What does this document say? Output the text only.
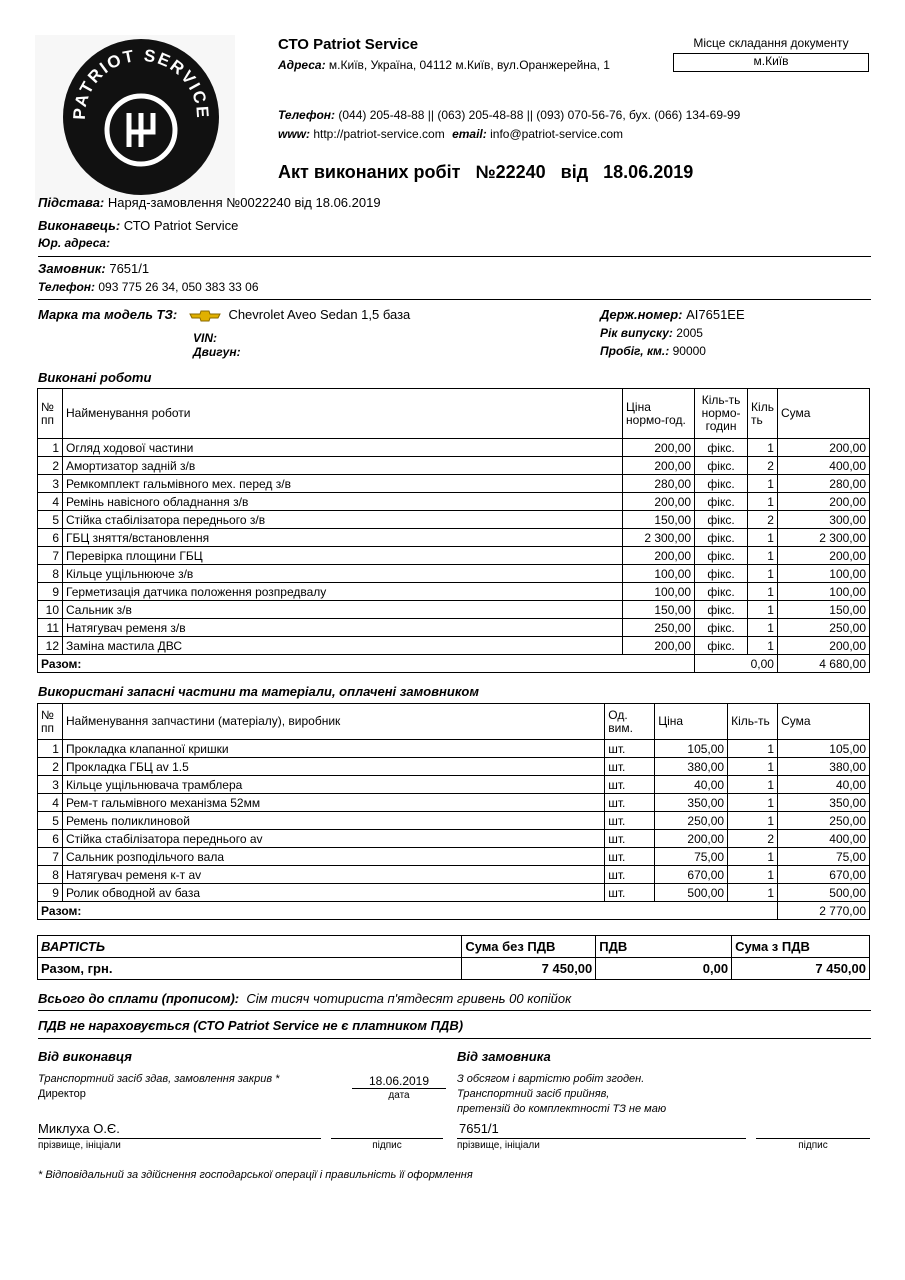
PATRIOT SERVICE
СТО Patriot Service
Адреса: м.Київ, Україна, 04112 м.Київ, вул.Оранжерейна, 1
Місце складання документу
м.Київ
Телефон: (044) 205-48-88 || (063) 205-48-88 || (093) 070-56-76, бух. (066) 134-69-99
www: http://patriot-service.com email: info@patriot-service.com
Акт виконаних робіт №22240 від 18.06.2019
Підстава: Наряд-замовлення №0022240 від 18.06.2019
Виконавець: СТО Patriot Service
Юр. адреса:
Замовник: 7651/1
Телефон: 093 775 26 34, 050 383 33 06
Марка та модель ТЗ:	Chevrolet Aveo Sedan 1,5 база
VIN:
Двигун:
Держ.номер: AI7651EE
Рік випуску: 2005
Пробіг, км.: 90000
Виконані роботи
№ пп	Найменування роботи	Ціна нормо-год.	Кіль-ть нормо-годин	Кіль ть	Сума
1	Огляд ходової частини	200,00	фікс.	1	200,00
2	Амортизатор задній з/в	200,00	фікс.	2	400,00
3	Ремкомплект гальмівного мех. перед з/в	280,00	фікс.	1	280,00
4	Ремінь навісного обладнання з/в	200,00	фікс.	1	200,00
5	Стійка стабілізатора переднього з/в	150,00	фікс.	2	300,00
6	ГБЦ зняття/встановлення	2 300,00	фікс.	1	2 300,00
7	Перевірка площини ГБЦ	200,00	фікс.	1	200,00
8	Кільце ущільнююче з/в	100,00	фікс.	1	100,00
9	Герметизація датчика положення розпредвалу	100,00	фікс.	1	100,00
10	Сальник з/в	150,00	фікс.	1	150,00
11	Натягувач ременя з/в	250,00	фікс.	1	250,00
12	Заміна мастила ДВС	200,00	фікс.	1	200,00
Разом:			0,00		4 680,00
Використані запасні частини та матеріали, оплачені замовником
№ пп	Найменування запчастини (матеріалу), виробник	Од. вим.	Ціна	Кіль-ть	Сума
1	Прокладка клапанної кришки	шт.	105,00	1	105,00
2	Прокладка ГБЦ av 1.5	шт.	380,00	1	380,00
3	Кільце ущільнювача трамблера	шт.	40,00	1	40,00
4	Рем-т гальмівного механізма 52мм	шт.	350,00	1	350,00
5	Ремень поликлиновой	шт.	250,00	1	250,00
6	Стійка стабілізатора переднього av	шт.	200,00	2	400,00
7	Сальник розподільчого вала	шт.	75,00	1	75,00
8	Натягувач ременя к-т av	шт.	670,00	1	670,00
9	Ролик обводной av база	шт.	500,00	1	500,00
Разом:					2 770,00
ВАРТІСТЬ	Сума без ПДВ	ПДВ	Сума з ПДВ
Разом, грн.	7 450,00	0,00	7 450,00
Всього до сплати (прописом): Сім тисяч чотириста п'ятдесят гривень 00 копійок
ПДВ не нараховується (СТО Patriot Service не є платником ПДВ)
Від виконавця
Транспортний засіб здав, замовлення закрив *
Директор
18.06.2019
дата
Миклуха О.Є.
прізвище, ініціали	підпис
Від замовника
З обсягом і вартістю робіт згоден.
Транспортний засіб прийняв,
претензій до комплектності ТЗ не маю
7651/1
прізвище, ініціали	підпис
* Відповідальний за здійснення господарської операції і правильність її оформлення
